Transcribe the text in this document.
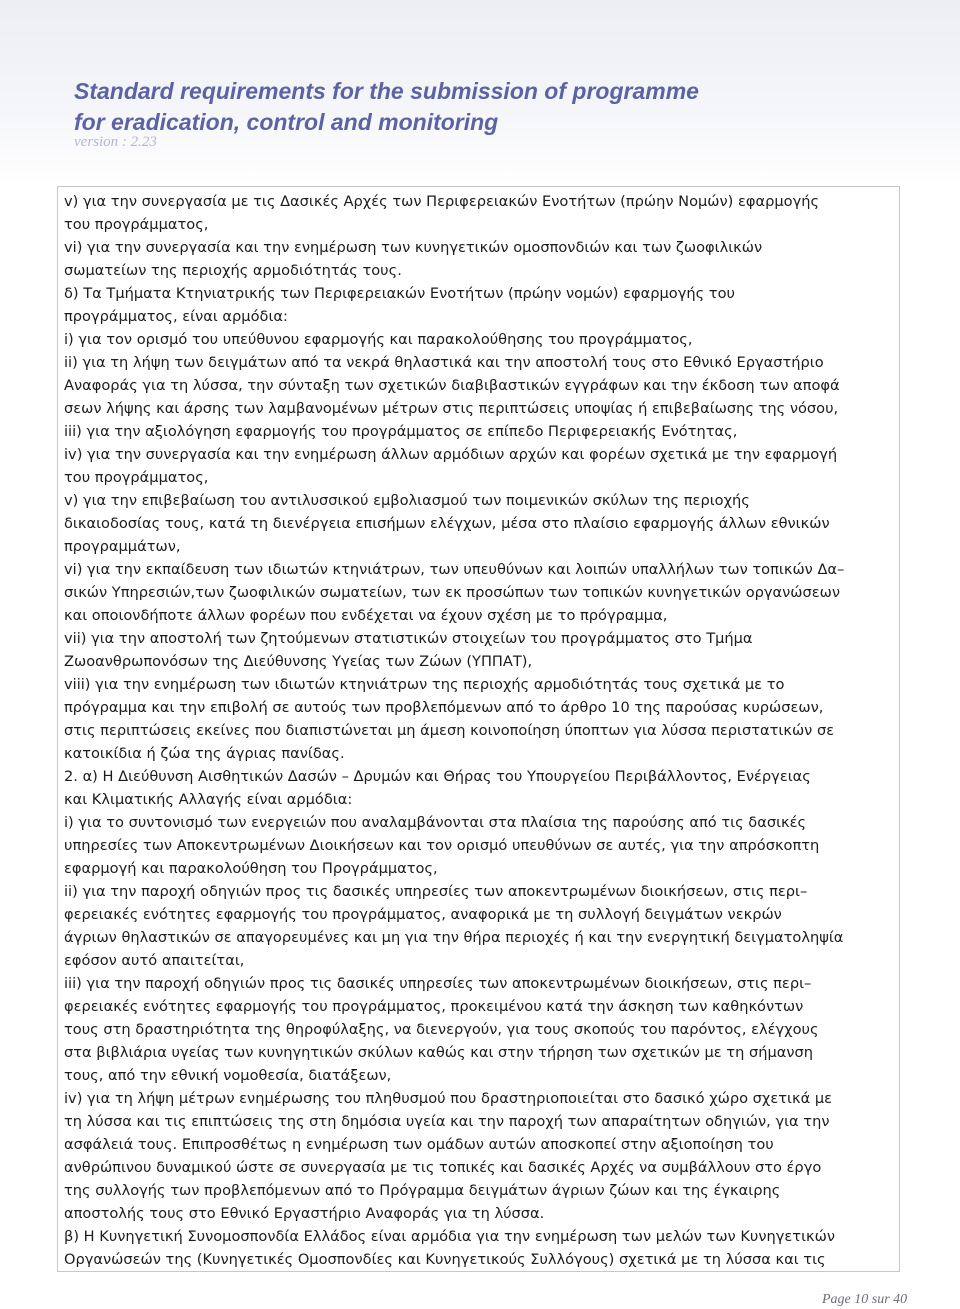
Standard requirements for the submission of programme
for eradication, control and monitoring
version : 2.23
v) για την συνεργασία με τις Δασικές Αρχές των Περιφερειακών Ενοτήτων (πρώην Νομών) εφαρμογής
του προγράμματος,
vi) για την συνεργασία και την ενημέρωση των κυνηγετικών ομοσπονδιών και των ζωοφιλικών
σωματείων της περιοχής αρμοδιότητάς τους.
δ) Τα Τμήματα Κτηνιατρικής των Περιφερειακών Ενοτήτων (πρώην νομών) εφαρμογής του
προγράμματος, είναι αρμόδια:
i) για τον ορισμό του υπεύθυνου εφαρμογής και παρακολούθησης του προγράμματος,
ii) για τη λήψη των δειγμάτων από τα νεκρά θηλαστικά και την αποστολή τους στο Εθνικό Εργαστήριο
Αναφοράς για τη λύσσα, την σύνταξη των σχετικών διαβιβαστικών εγγράφων και την έκδοση των αποφά
σεων λήψης και άρσης των λαμβανομένων μέτρων στις περιπτώσεις υποψίας ή επιβεβαίωσης της νόσου,
iii) για την αξιολόγηση εφαρμογής του προγράμματος σε επίπεδο Περιφερειακής Ενότητας,
iv) για την συνεργασία και την ενημέρωση άλλων αρμόδιων αρχών και φορέων σχετικά με την εφαρμογή
του προγράμματος,
v) για την επιβεβαίωση του αντιλυσσικού εμβολιασμού των ποιμενικών σκύλων της περιοχής
δικαιοδοσίας τους, κατά τη διενέργεια επισήμων ελέγχων, μέσα στο πλαίσιο εφαρμογής άλλων εθνικών
προγραμμάτων,
vi) για την εκπαίδευση των ιδιωτών κτηνιάτρων, των υπευθύνων και λοιπών υπαλλήλων των τοπικών Δα–
σικών Υπηρεσιών,των ζωοφιλικών σωματείων, των εκ προσώπων των τοπικών κυνηγετικών οργανώσεων
και οποιονδήποτε άλλων φορέων που ενδέχεται να έχουν σχέση με το πρόγραμμα,
vii) για την αποστολή των ζητούμενων στατιστικών στοιχείων του προγράμματος στο Τμήμα
Ζωοανθρωπονόσων της Διεύθυνσης Υγείας των Ζώων (ΥΠΠΑΤ),
viii) για την ενημέρωση των ιδιωτών κτηνιάτρων της περιοχής αρμοδιότητάς τους σχετικά με το
πρόγραμμα και την επιβολή σε αυτούς των προβλεπόμενων από το άρθρο 10 της παρούσας κυρώσεων,
στις περιπτώσεις εκείνες που διαπιστώνεται μη άμεση κοινοποίηση ύποπτων για λύσσα περιστατικών σε
κατοικίδια ή ζώα της άγριας πανίδας.
2. α) Η Διεύθυνση Αισθητικών Δασών – Δρυμών και Θήρας του Υπουργείου Περιβάλλοντος, Ενέργειας
και Κλιματικής Αλλαγής είναι αρμόδια:
i) για το συντονισμό των ενεργειών που αναλαμβάνονται στα πλαίσια της παρούσης από τις δασικές
υπηρεσίες των Αποκεντρωμένων Διοικήσεων και τον ορισμό υπευθύνων σε αυτές, για την απρόσκοπτη
εφαρμογή και παρακολούθηση του Προγράμματος,
ii) για την παροχή οδηγιών προς τις δασικές υπηρεσίες των αποκεντρωμένων διοικήσεων, στις περι–
φερειακές ενότητες εφαρμογής του προγράμματος, αναφορικά με τη συλλογή δειγμάτων νεκρών
άγριων θηλαστικών σε απαγορευμένες και μη για την θήρα περιοχές ή και την ενεργητική δειγματοληψία
εφόσον αυτό απαιτείται,
iii) για την παροχή οδηγιών προς τις δασικές υπηρεσίες των αποκεντρωμένων διοικήσεων, στις περι–
φερειακές ενότητες εφαρμογής του προγράμματος, προκειμένου κατά την άσκηση των καθηκόντων
τους στη δραστηριότητα της θηροφύλαξης, να διενεργούν, για τους σκοπούς του παρόντος, ελέγχους
στα βιβλιάρια υγείας των κυνηγητικών σκύλων καθώς και στην τήρηση των σχετικών με τη σήμανση
τους, από την εθνική νομοθεσία, διατάξεων,
iv) για τη λήψη μέτρων ενημέρωσης του πληθυσμού που δραστηριοποιείται στο δασικό χώρο σχετικά με
τη λύσσα και τις επιπτώσεις της στη δημόσια υγεία και την παροχή των απαραίτητων οδηγιών, για την
ασφάλειά τους. Επιπροσθέτως η ενημέρωση των ομάδων αυτών αποσκοπεί στην αξιοποίηση του
ανθρώπινου δυναμικού ώστε σε συνεργασία με τις τοπικές και δασικές Αρχές να συμβάλλουν στο έργο
της συλλογής των προβλεπόμενων από το Πρόγραμμα δειγμάτων άγριων ζώων και της έγκαιρης
αποστολής τους στο Εθνικό Εργαστήριο Αναφοράς για τη λύσσα.
β) Η Κυνηγετική Συνομοσπονδία Ελλάδος είναι αρμόδια για την ενημέρωση των μελών των Κυνηγετικών
Οργανώσεών της (Κυνηγετικές Ομοσπονδίες και Κυνηγετικούς Συλλόγους) σχετικά με τη λύσσα και τις
Page 10 sur 40
